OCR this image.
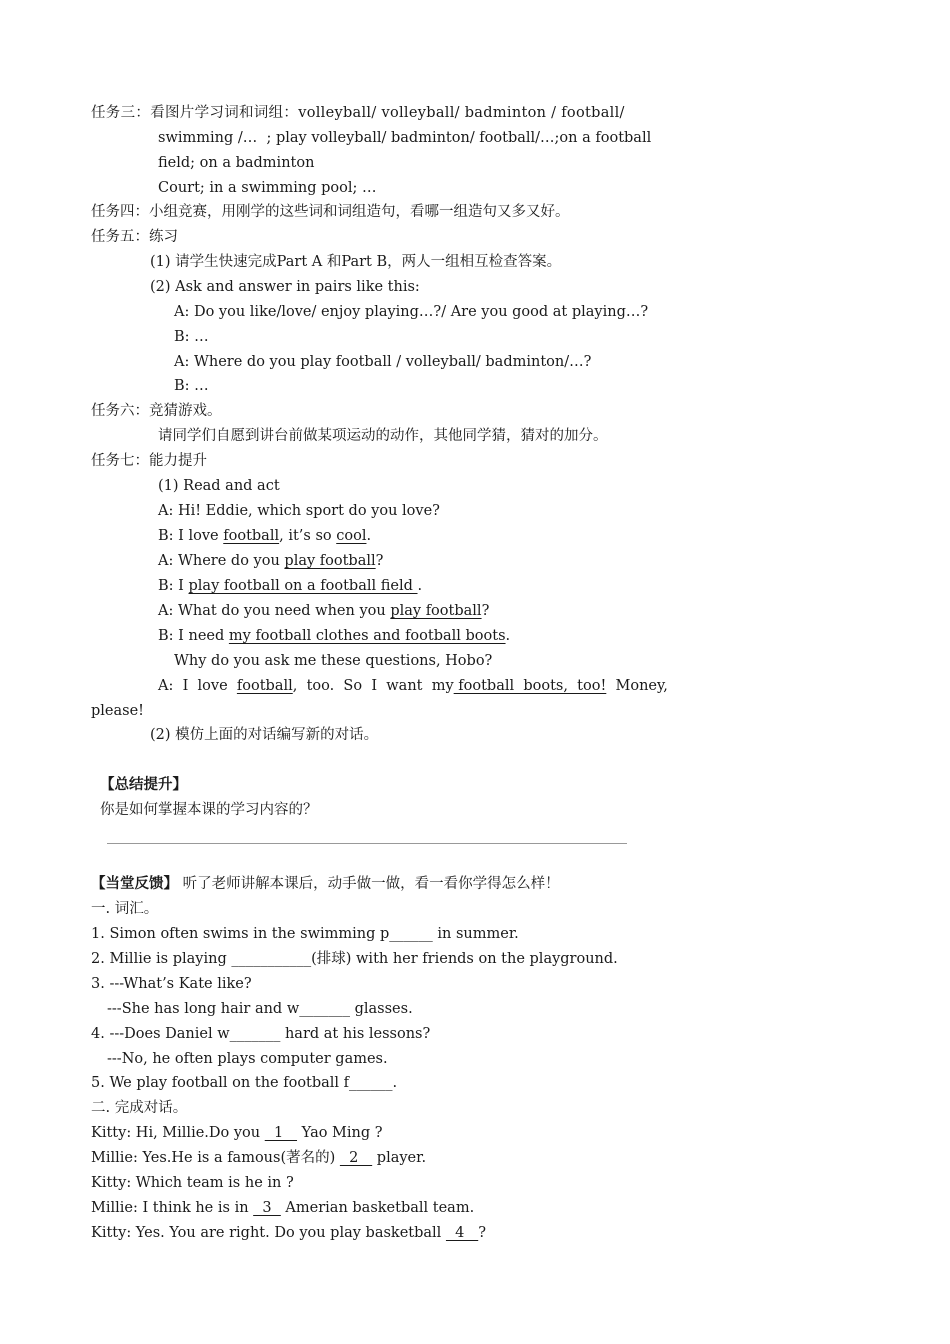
任务三：看图片学习词和词组：volleyball/ volleyball/ badminton / football/
swimming /…  ; play volleyball/ badminton/ football/…;on a football
field; on a badminton
Court; in a swimming pool; …
任务四：小组竞赛，用刚学的这些词和词组造句，看哪一组造句又多又好。
任务五：练习
(1) 请学生快速完成Part A 和Part B，两人一组相互检查答案。
(2) Ask and answer in pairs like this:
A: Do you like/love/ enjoy playing…?/ Are you good at playing…?
B: …
A: Where do you play football / volleyball/ badminton/…?
B: …
任务六：竞猜游戏。
请同学们自愿到讲台前做某项运动的动作，其他同学猜，猜对的加分。
任务七：能力提升
(1) Read and act
A: Hi! Eddie, which sport do you love?
B: I love football, it’s so cool.
A: Where do you play football?
B: I play football on a football field .
A: What do you need when you play football?
B: I need my football clothes and football boots.
Why do you ask me these questions, Hobo?
A:  I  love  football,  too.  So  I  want  my football  boots,  too!  Money,
please!
(2) 模仿上面的对话编写新的对话。
【总结提升】
你是如何掌握本课的学习内容的？
【当堂反馈】 听了老师讲解本课后，动手做一做，看一看你学得怎么样！
一. 词汇。
1. Simon often swims in the swimming p______ in summer.
2. Millie is playing ___________(排球) with her friends on the playground.
3. ---What’s Kate like?
---She has long hair and w_______ glasses.
4. ---Does Daniel w_______ hard at his lessons?
---No, he often plays computer games.
5. We play football on the football f______.
二. 完成对话。
Kitty: Hi, Millie.Do you   1    Yao Ming ?
Millie: Yes.He is a famous(著名的)   2    player.
Kitty: Which team is he in ?
Millie: I think he is in   3   Amerian basketball team.
Kitty: Yes. You are right. Do you play basketball   4   ?
